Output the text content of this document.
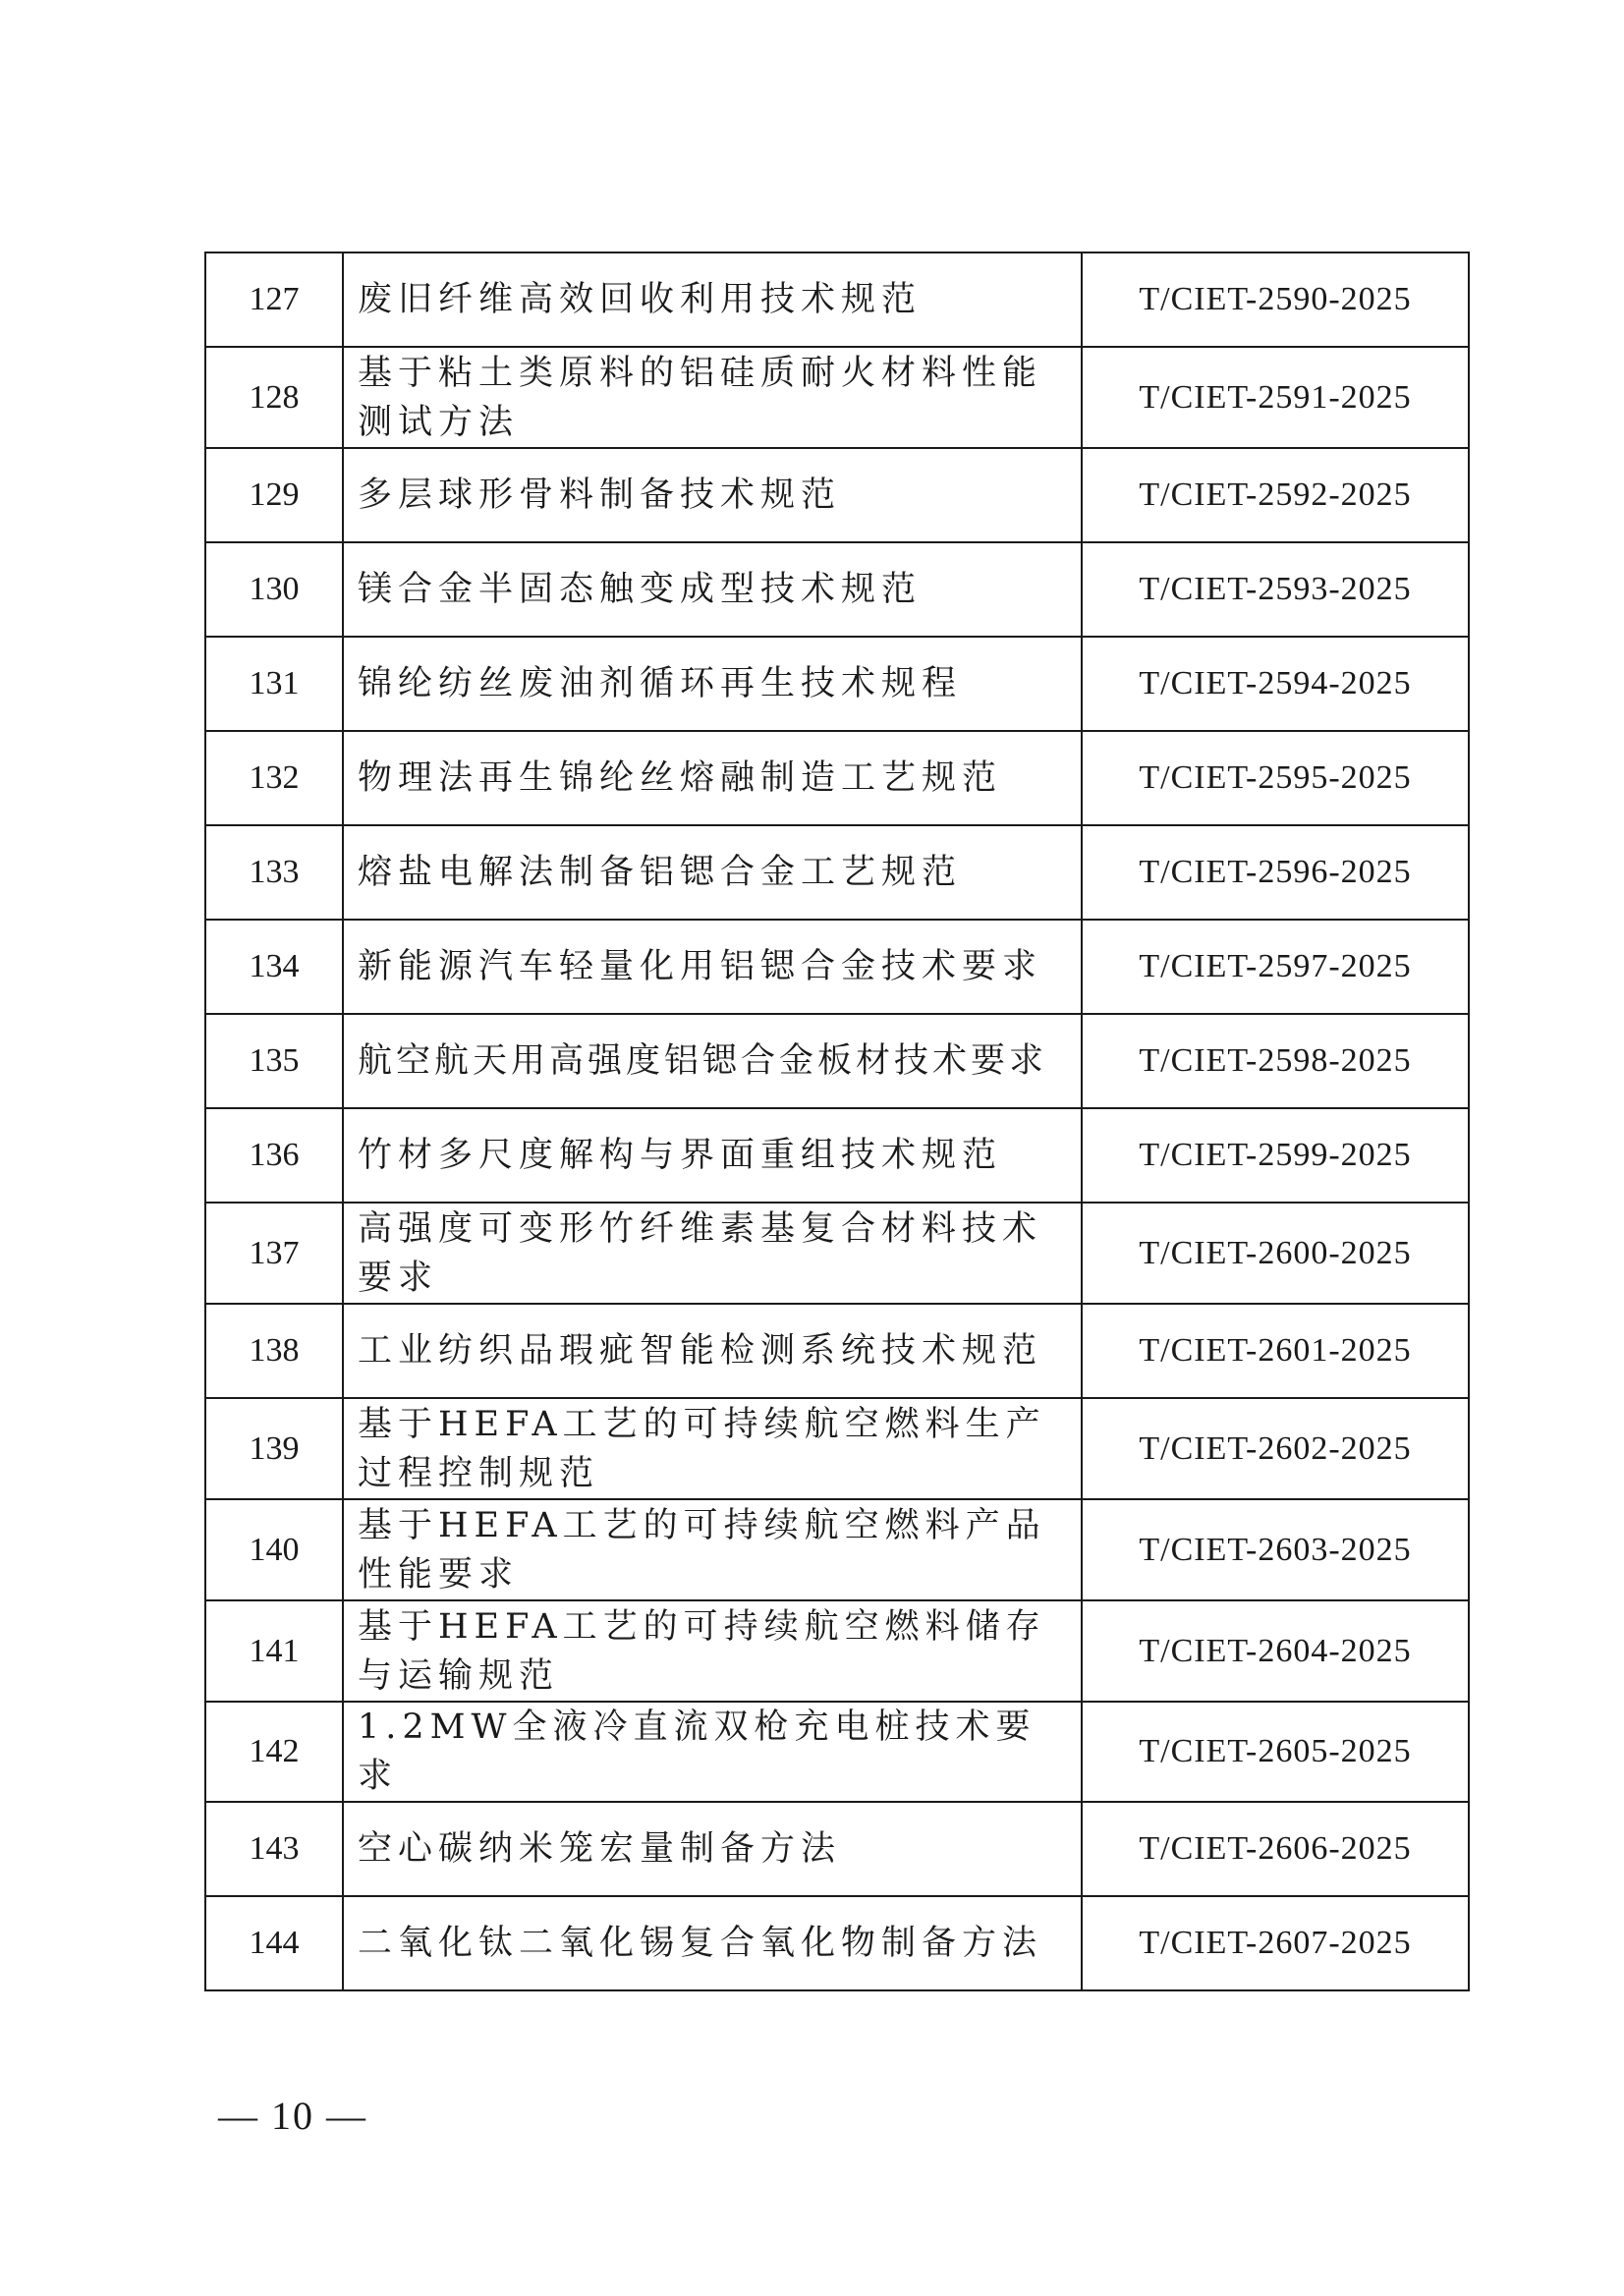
127	废旧纤维高效回收利用技术规范	T/CIET-2590-2025
128	基于粘土类原料的铝硅质耐火材料性能测试方法	T/CIET-2591-2025
129	多层球形骨料制备技术规范	T/CIET-2592-2025
130	镁合金半固态触变成型技术规范	T/CIET-2593-2025
131	锦纶纺丝废油剂循环再生技术规程	T/CIET-2594-2025
132	物理法再生锦纶丝熔融制造工艺规范	T/CIET-2595-2025
133	熔盐电解法制备铝锶合金工艺规范	T/CIET-2596-2025
134	新能源汽车轻量化用铝锶合金技术要求	T/CIET-2597-2025
135	航空航天用高强度铝锶合金板材技术要求	T/CIET-2598-2025
136	竹材多尺度解构与界面重组技术规范	T/CIET-2599-2025
137	高强度可变形竹纤维素基复合材料技术要求	T/CIET-2600-2025
138	工业纺织品瑕疵智能检测系统技术规范	T/CIET-2601-2025
139	基于HEFA工艺的可持续航空燃料生产过程控制规范	T/CIET-2602-2025
140	基于HEFA工艺的可持续航空燃料产品性能要求	T/CIET-2603-2025
141	基于HEFA工艺的可持续航空燃料储存与运输规范	T/CIET-2604-2025
142	1.2MW全液冷直流双枪充电桩技术要求	T/CIET-2605-2025
143	空心碳纳米笼宏量制备方法	T/CIET-2606-2025
144	二氧化钛二氧化锡复合氧化物制备方法	T/CIET-2607-2025
— 10 —
